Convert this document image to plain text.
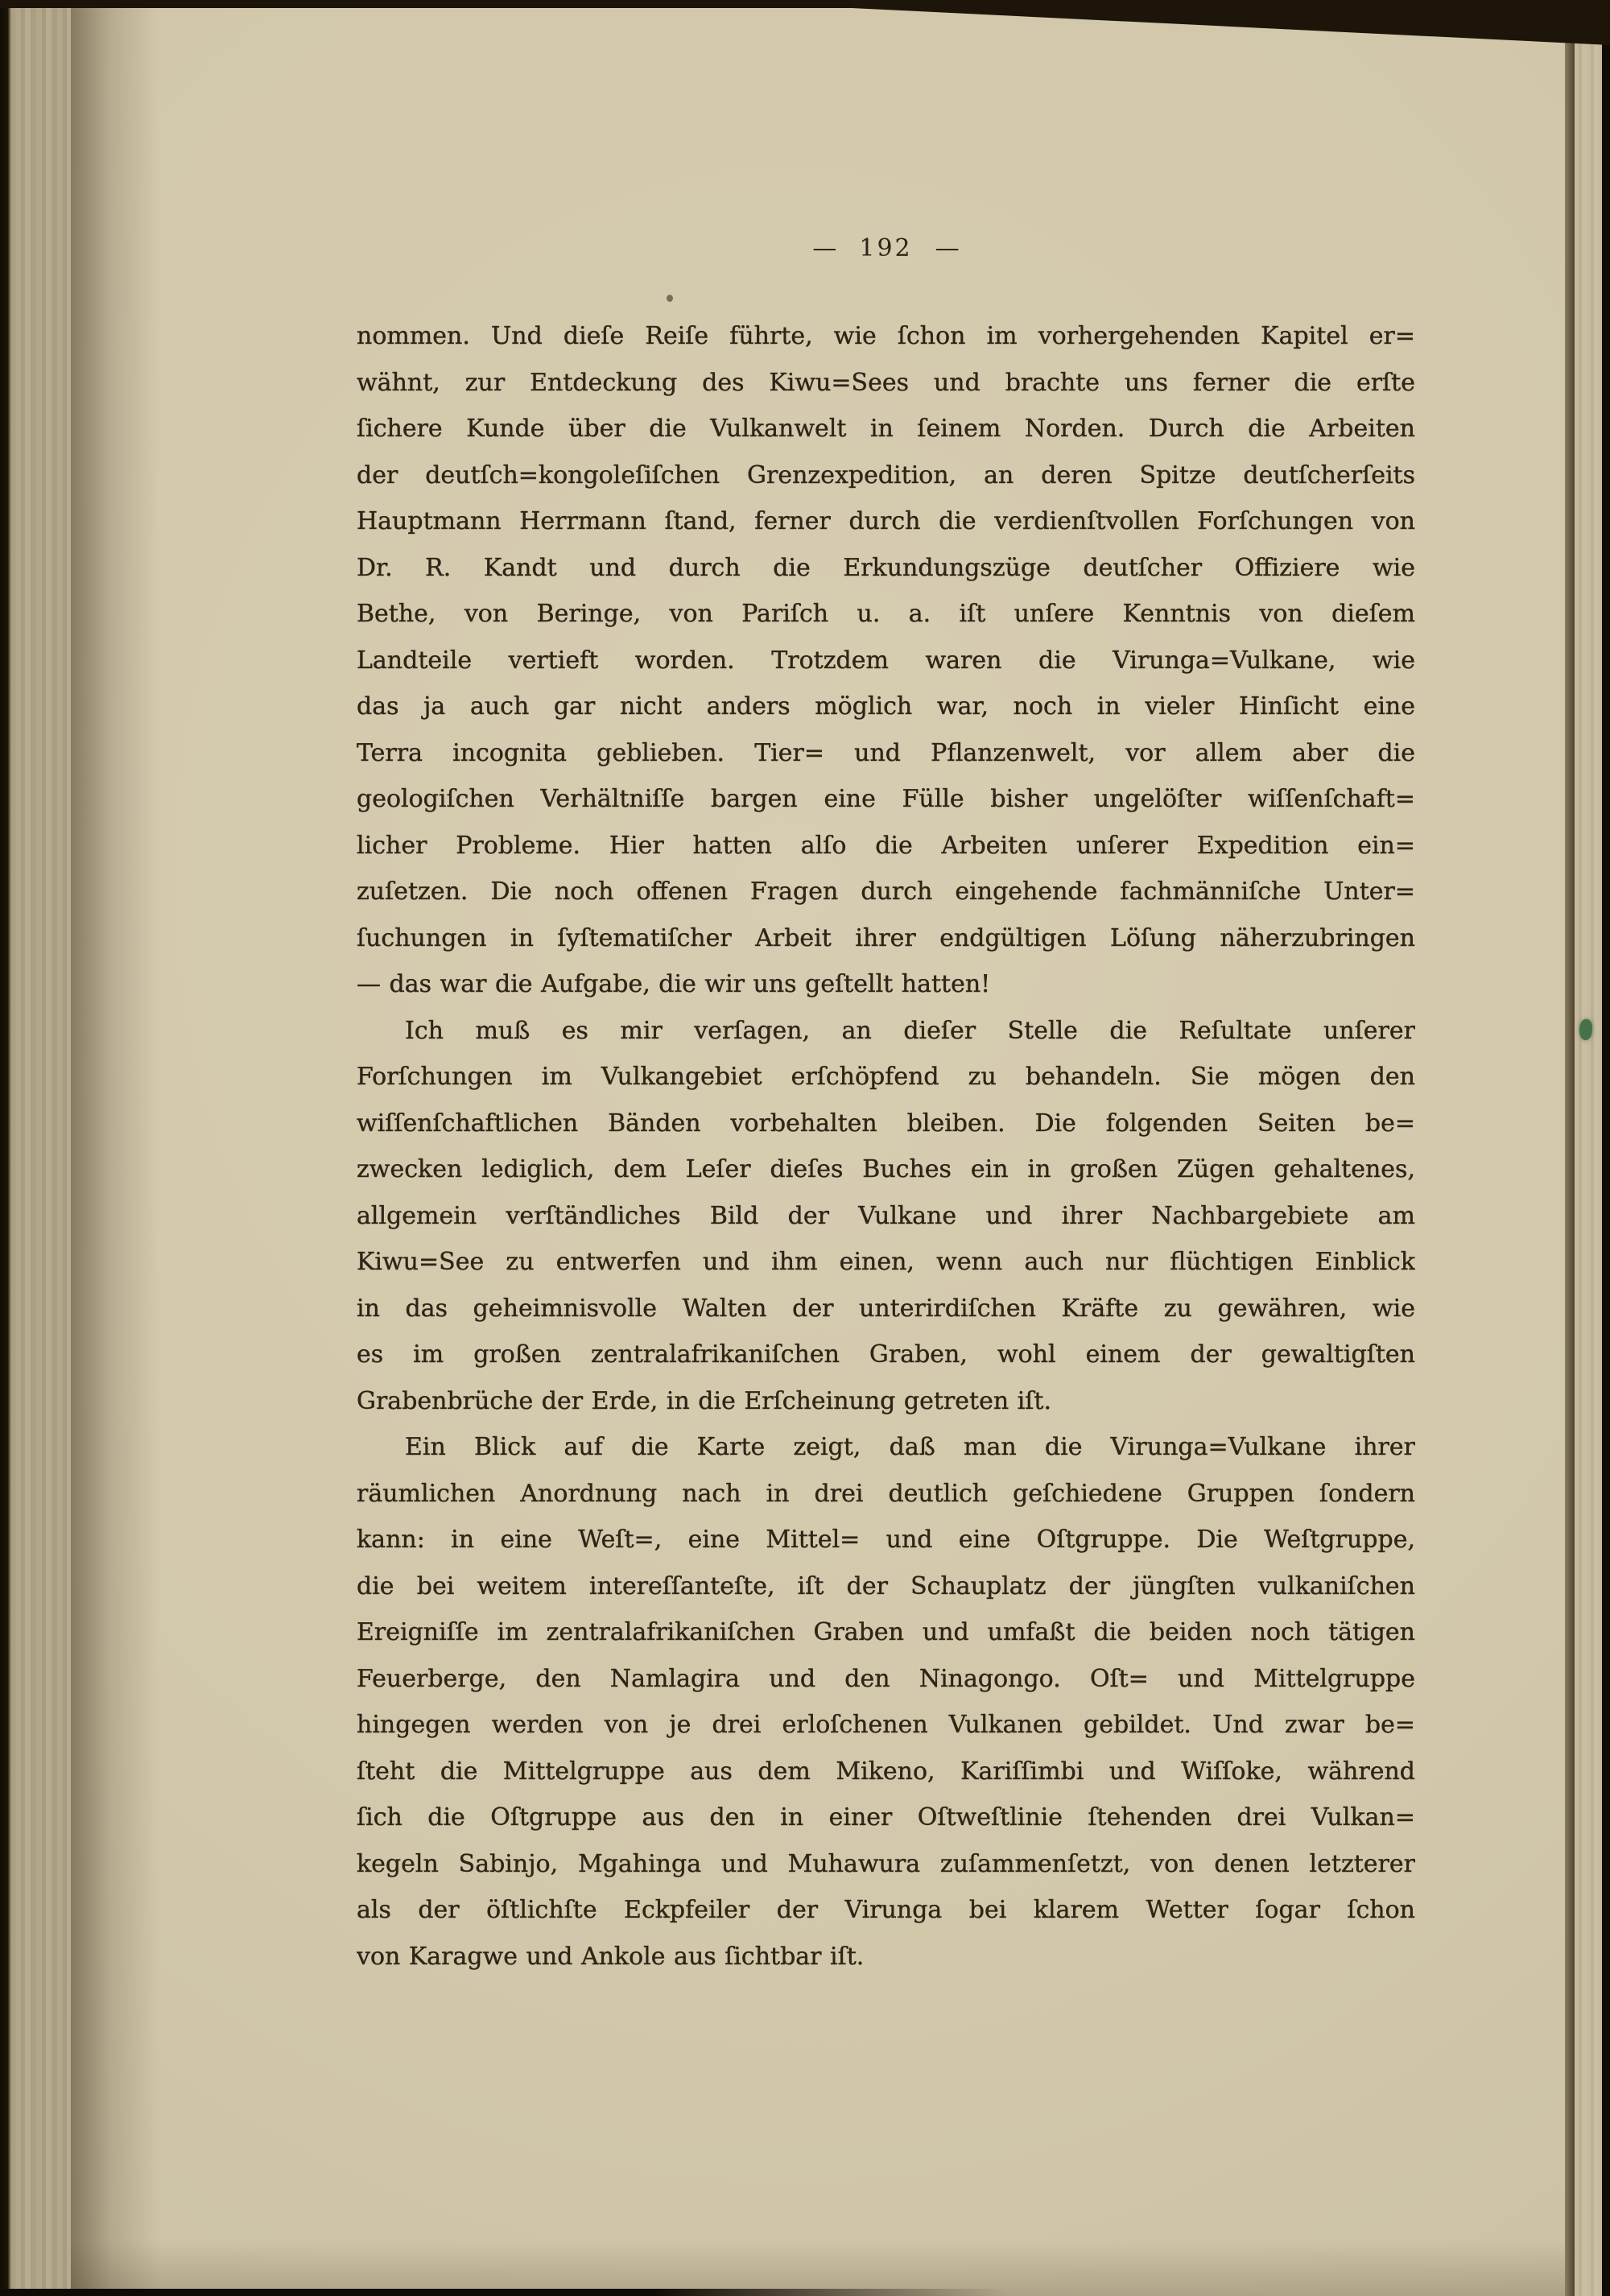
— 192 —
nommen. Und dieſe Reiſe führte, wie ſchon im vorhergehenden Kapitel er=
wähnt, zur Entdeckung des Kiwu=Sees und brachte uns ferner die erſte
ſichere Kunde über die Vulkanwelt in ſeinem Norden. Durch die Arbeiten
der deutſch=kongoleſiſchen Grenzexpedition, an deren Spitze deutſcherſeits
Hauptmann Herrmann ſtand, ferner durch die verdienſtvollen Forſchungen von
Dr. R. Kandt und durch die Erkundungszüge deutſcher Offiziere wie
Bethe, von Beringe, von Pariſch u. a. iſt unſere Kenntnis von dieſem
Landteile vertieft worden. Trotzdem waren die Virunga=Vulkane, wie
das ja auch gar nicht anders möglich war, noch in vieler Hinſicht eine
Terra incognita geblieben. Tier= und Pflanzenwelt, vor allem aber die
geologiſchen Verhältniſſe bargen eine Fülle bisher ungelöſter wiſſenſchaft=
licher Probleme. Hier hatten alſo die Arbeiten unſerer Expedition ein=
zuſetzen. Die noch offenen Fragen durch eingehende fachmänniſche Unter=
ſuchungen in ſyſtematiſcher Arbeit ihrer endgültigen Löſung näherzubringen
— das war die Aufgabe, die wir uns geſtellt hatten!
Ich muß es mir verſagen, an dieſer Stelle die Reſultate unſerer
Forſchungen im Vulkangebiet erſchöpfend zu behandeln. Sie mögen den
wiſſenſchaftlichen Bänden vorbehalten bleiben. Die folgenden Seiten be=
zwecken lediglich, dem Leſer dieſes Buches ein in großen Zügen gehaltenes,
allgemein verſtändliches Bild der Vulkane und ihrer Nachbargebiete am
Kiwu=See zu entwerfen und ihm einen, wenn auch nur flüchtigen Einblick
in das geheimnisvolle Walten der unterirdiſchen Kräfte zu gewähren, wie
es im großen zentralafrikaniſchen Graben, wohl einem der gewaltigſten
Grabenbrüche der Erde, in die Erſcheinung getreten iſt.
Ein Blick auf die Karte zeigt, daß man die Virunga=Vulkane ihrer
räumlichen Anordnung nach in drei deutlich geſchiedene Gruppen ſondern
kann: in eine Weſt=, eine Mittel= und eine Oſtgruppe. Die Weſtgruppe,
die bei weitem intereſſanteſte, iſt der Schauplatz der jüngſten vulkaniſchen
Ereigniſſe im zentralafrikaniſchen Graben und umfaßt die beiden noch tätigen
Feuerberge, den Namlagira und den Ninagongo. Oſt= und Mittelgruppe
hingegen werden von je drei erloſchenen Vulkanen gebildet. Und zwar be=
ſteht die Mittelgruppe aus dem Mikeno, Kariſſimbi und Wiſſoke, während
ſich die Oſtgruppe aus den in einer Oſtweſtlinie ſtehenden drei Vulkan=
kegeln Sabinjo, Mgahinga und Muhawura zuſammenſetzt, von denen letzterer
als der öſtlichſte Eckpfeiler der Virunga bei klarem Wetter ſogar ſchon
von Karagwe und Ankole aus ſichtbar iſt.
